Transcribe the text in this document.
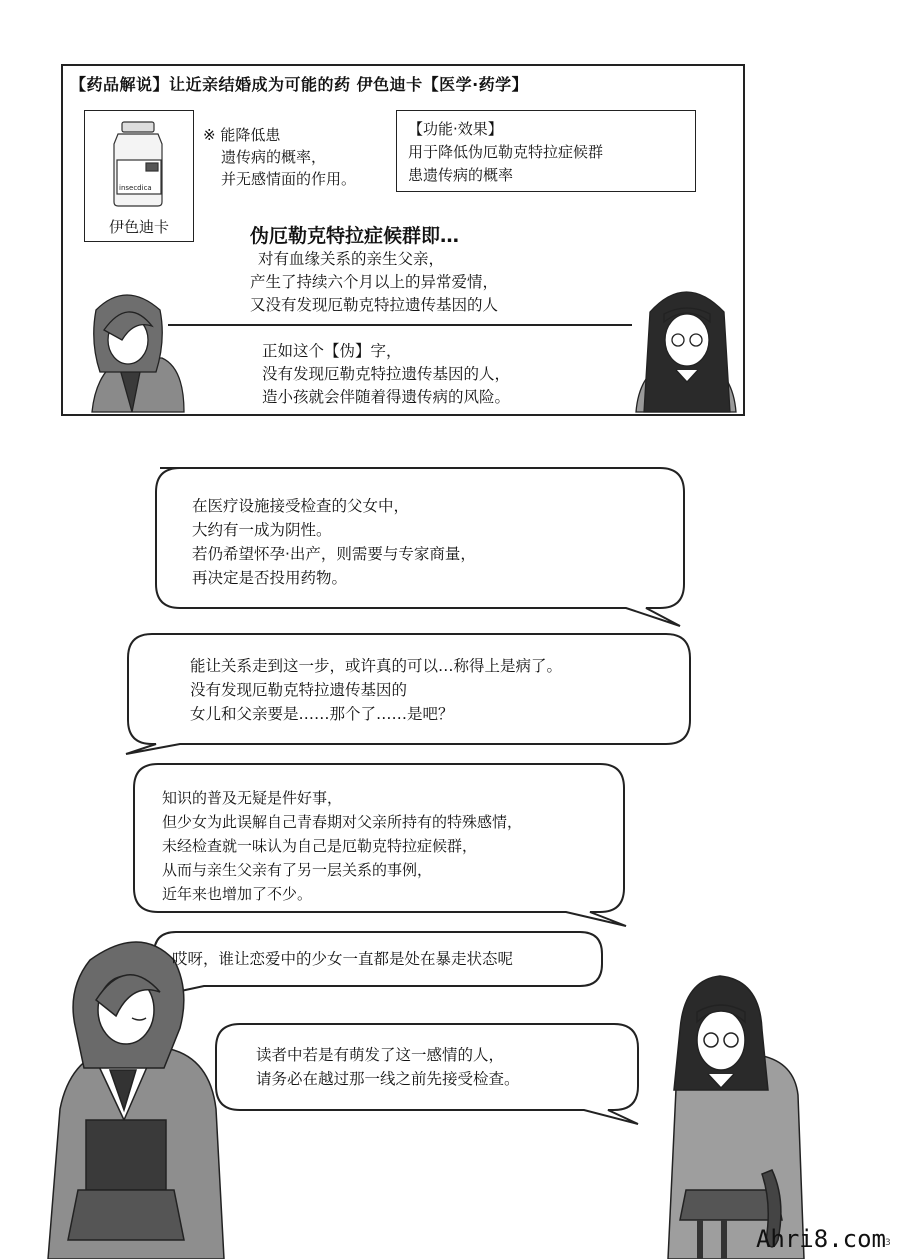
【药品解说】让近亲结婚成为可能的药 伊色迪卡【医学·药学】
insecdica
伊色迪卡
※ 能降低患
遗传病的概率，
并无感情面的作用。
【功能·效果】
用于降低伪厄勒克特拉症候群
患遗传病的概率
伪厄勒克特拉症候群即…
对有血缘关系的亲生父亲，
产生了持续六个月以上的异常爱情，
又没有发现厄勒克特拉遗传基因的人
正如这个【伪】字，
没有发现厄勒克特拉遗传基因的人，
造小孩就会伴随着得遗传病的风险。
在医疗设施接受检查的父女中，
大约有一成为阴性。
若仍希望怀孕·出产，则需要与专家商量，
再决定是否投用药物。
能让关系走到这一步，或许真的可以…称得上是病了。
没有发现厄勒克特拉遗传基因的
女儿和父亲要是……那个了……是吧？
知识的普及无疑是件好事，
但少女为此误解自己青春期对父亲所持有的特殊感情，
未经检查就一味认为自己是厄勒克特拉症候群，
从而与亲生父亲有了另一层关系的事例，
近年来也增加了不少。
哎呀，谁让恋爱中的少女一直都是处在暴走状态呢
读者中若是有萌发了这一感情的人，
请务必在越过那一线之前先接受检查。
3
Ahri8.com
